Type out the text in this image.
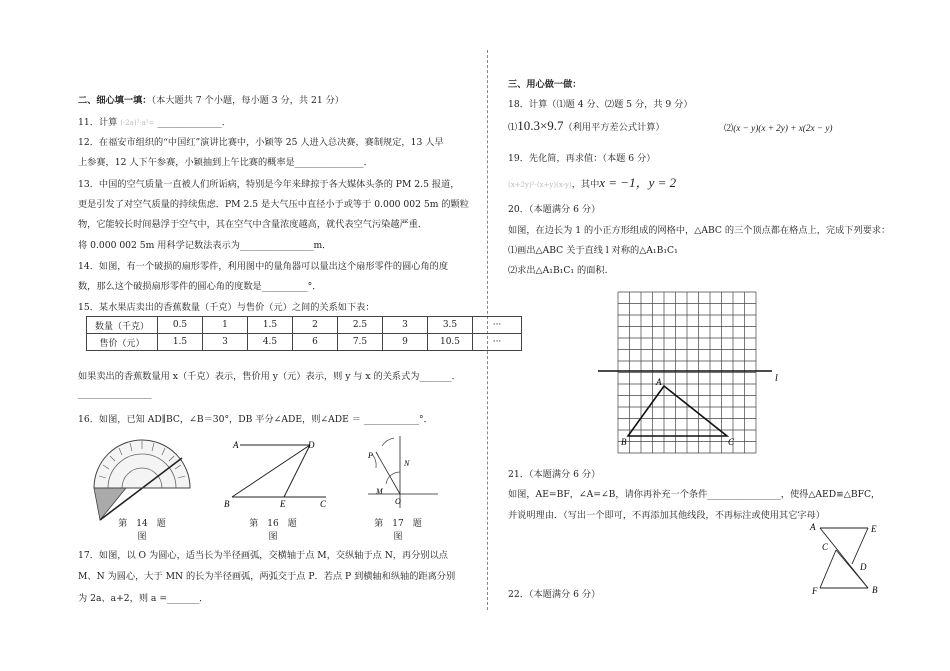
二、细心填一填：（本大题共 7 个小题，每小题 3 分，共 21 分）
11．计算 (-2a)³·a²= ______________．
12．在福安市组织的“中国红”演讲比赛中，小颖等 25 人进入总决赛，赛制规定，13 人早
上参赛，12 人下午参赛，小颖抽到上午比赛的概率是_______________．
13．中国的空气质量一直被人们所诟病，特别是今年来肆掠于各大媒体头条的 PM 2.5 报道，
更是引发了对空气质量的持续焦虑．PM 2.5 是大气压中直径小于或等于 0.000 002 5m 的颗粒
物，它能较长时间悬浮于空气中，其在空气中含量浓度越高，就代表空气污染越严重．
将 0.000 002 5m 用科学记数法表示为________________m．
14．如图，有一个破损的扇形零件，利用图中的量角器可以量出这个扇形零件的圆心角的度
数，那么这个破损扇形零件的圆心角的度数是__________°．
15．某水果店卖出的香蕉数量（千克）与售价（元）之间的关系如下表：
数量（千克）	0.5	1	1.5	2	2.5	3	3.5	···
售价（元）	1.5	3	4.5	6	7.5	9	10.5	···
如果卖出的香蕉数量用 x（千克）表示，售价用 y（元）表示，则 y 与 x 的关系式为_______．
________________
16．如图，已知 AD∥BC，∠B＝30°，DB 平分∠ADE，则∠ADE ＝ ____________°．
A	D
B	E	C
P
N
M
O
第　14　题
图
第　16　题
图
第　17　题
图
17．如图，以 O 为圆心，适当长为半径画弧，交横轴于点 M，交纵轴于点 N，再分别以点
M、N 为圆心，大于 MN 的长为半径画弧，两弧交于点 P．若点 P 到横轴和纵轴的距离分别
为 2a、a+2，则 a =_______．
三、用心做一做：
18．计算（⑴题 4 分、⑵题 5 分，共 9 分）
⑴10.3×9.7（利用平方差公式计算）	⑵(x − y)(x + 2y) + x(2x − y)
19．先化简，再求值：（本题 6 分）
(x+2y)²-(x+y)(x-y)，其中x = −1，y = 2
20．（本题满分 6 分）
如图，在边长为 1 的小正方形组成的网格中，△ABC 的三个顶点都在格点上，完成下列要求：
⑴画出△ABC 关于直线 l 对称的△A₁B₁C₁
⑵求出△A₁B₁C₁ 的面积.
A
B	C
l
21．（本题满分 6 分）
如图，AE=BF，∠A=∠B，请你再补充一个条件________________，使得△AED≌△BFC，
并说明理由．（写出一个即可，不再添加其他线段，不再标注或使用其它字母）
A	E
C
D
F	B
22．（本题满分 6 分）
